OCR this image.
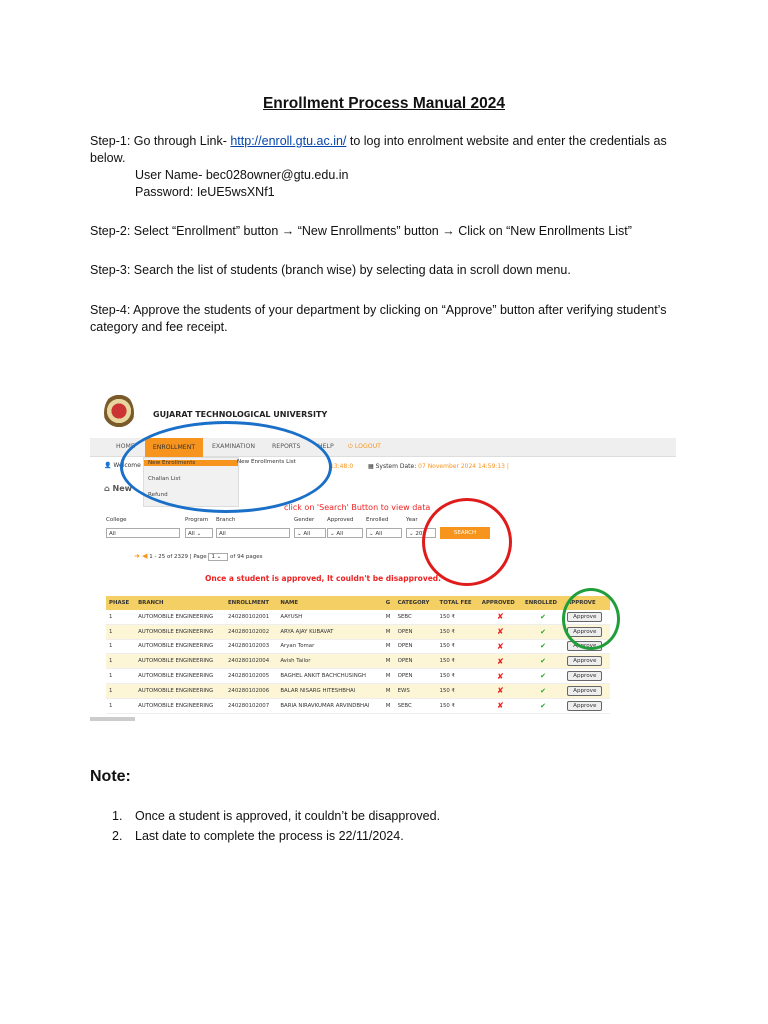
Enrollment Process Manual 2024
Step-1: Go through Link- http://enroll.gtu.ac.in/ to log into enrolment website and enter the credentials as below.
User Name- bec028owner@gtu.edu.in
Password: IeUE5wsXNf1
Step-2: Select “Enrollment” button → “New Enrollments” button → Click on “New Enrollments List”
Step-3: Search the list of students (branch wise) by selecting data in scroll down menu.
Step-4: Approve the students of your department by clicking on “Approve” button after verifying student’s category and fee receipt.
GUJARAT TECHNOLOGICAL UNIVERSITY
HOME	EXAMINATION	REPORTS	HELP ⏻ LOGOUT
ENROLLMENT
New Enrollments
Challan List
Refund
New Enrollments List
👤 Welcome	13:48:0 ▦ System Date: 07 November 2024 14:59:13 |
⌂ New
click on 'Search' Button to view data
College	Program Branch	Gender Approved Enrolled	Year
All	All ⌄	All	⌄ All	⌄ All	⌄ All	⌄ 202	SEARCH
➜ ◀ 1 - 25 of 2329 | Page 1 ⌄ of 94 pages
Once a student is approved, It couldn't be disapproved.
PHASE	BRANCH	ENROLLMENT	NAME	G	CATEGORY	TOTAL FEE	APPROVED	ENROLLED	APPROVE
1	AUTOMOBILE ENGINEERING	240280102001	AAYUSH	M	SEBC	150 ₹	✘	✔	Approve
1	AUTOMOBILE ENGINEERING	240280102002	ARYA AJAY KUBAVAT	M	OPEN	150 ₹	✘	✔	Approve
1	AUTOMOBILE ENGINEERING	240280102003	Aryan Tomar	M	OPEN	150 ₹	✘	✔	Approve
1	AUTOMOBILE ENGINEERING	240280102004	Avish Tailor	M	OPEN	150 ₹	✘	✔	Approve
1	AUTOMOBILE ENGINEERING	240280102005	BAGHEL ANKIT BACHCHUSINGH	M	OPEN	150 ₹	✘	✔	Approve
1	AUTOMOBILE ENGINEERING	240280102006	BALAR NISARG HITESHBHAI	M	EWS	150 ₹	✘	✔	Approve
1	AUTOMOBILE ENGINEERING	240280102007	BARIA NIRAVKUMAR ARVINDBHAI	M	SEBC	150 ₹	✘	✔	Approve
Note:
1.	Once a student is approved, it couldn’t be disapproved.
2.	Last date to complete the process is 22/11/2024.
